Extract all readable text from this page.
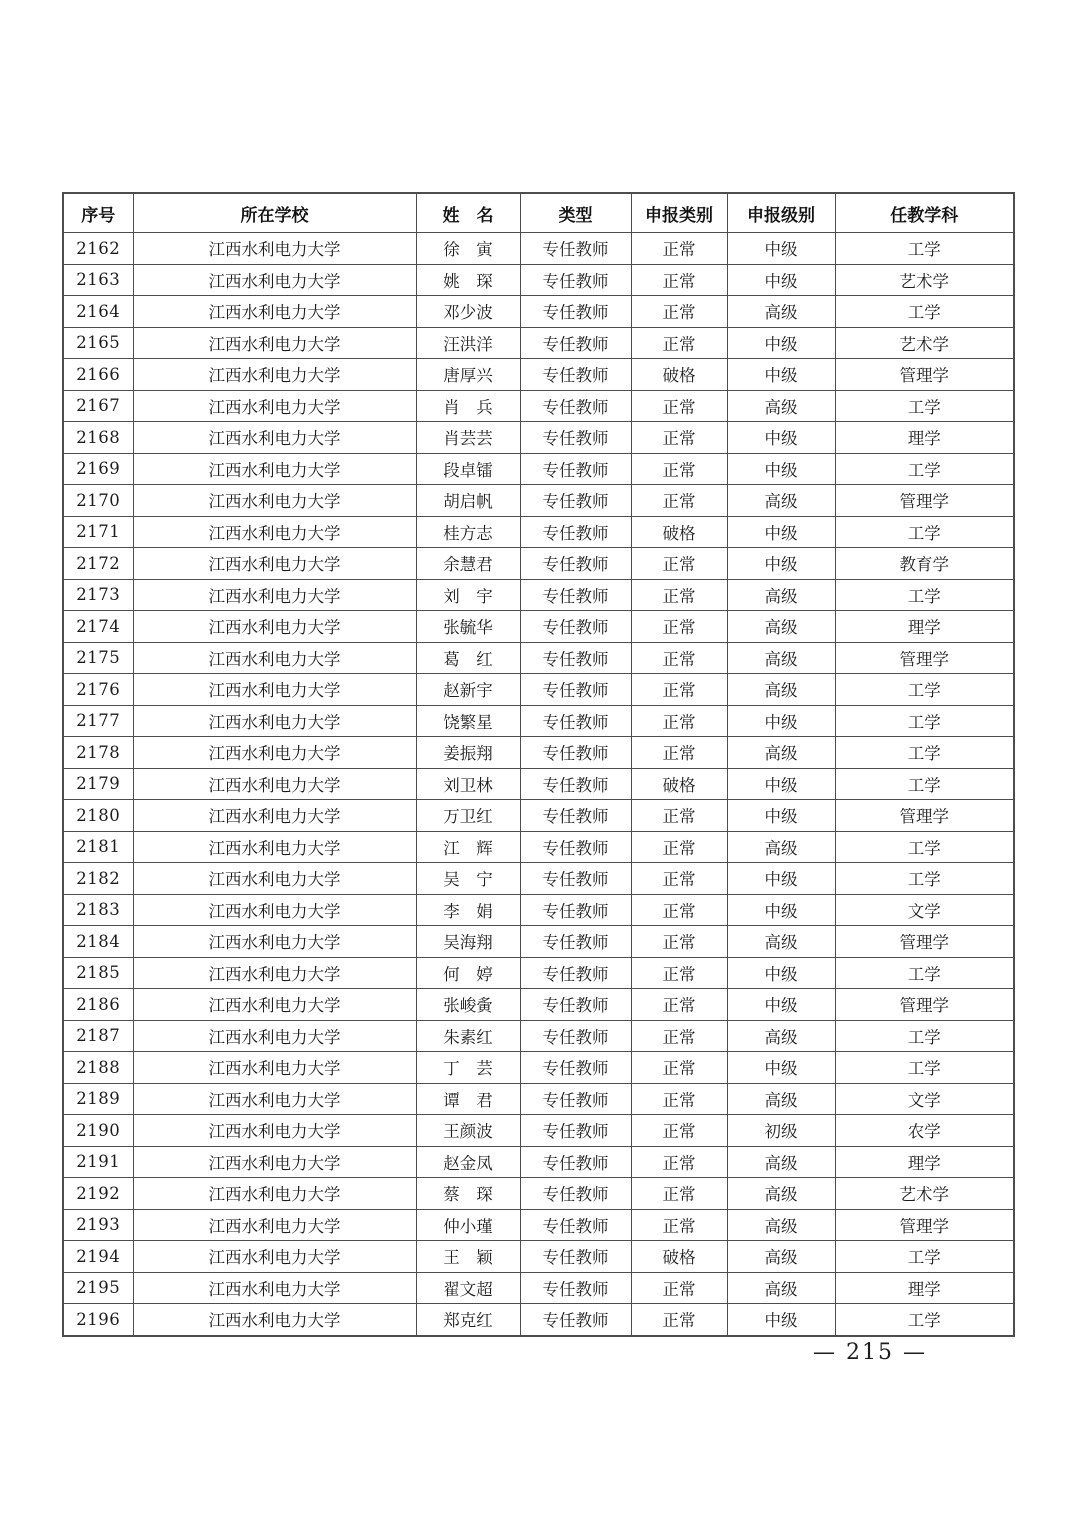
序号	所在学校	姓　名	类型	申报类别	申报级别	任教学科
2162	江西水利电力大学	徐　寅	专任教师	正常	中级	工学
2163	江西水利电力大学	姚　琛	专任教师	正常	中级	艺术学
2164	江西水利电力大学	邓少波	专任教师	正常	高级	工学
2165	江西水利电力大学	汪洪洋	专任教师	正常	中级	艺术学
2166	江西水利电力大学	唐厚兴	专任教师	破格	中级	管理学
2167	江西水利电力大学	肖　兵	专任教师	正常	高级	工学
2168	江西水利电力大学	肖芸芸	专任教师	正常	中级	理学
2169	江西水利电力大学	段卓镭	专任教师	正常	中级	工学
2170	江西水利电力大学	胡启帆	专任教师	正常	高级	管理学
2171	江西水利电力大学	桂方志	专任教师	破格	中级	工学
2172	江西水利电力大学	余慧君	专任教师	正常	中级	教育学
2173	江西水利电力大学	刘　宇	专任教师	正常	高级	工学
2174	江西水利电力大学	张毓华	专任教师	正常	高级	理学
2175	江西水利电力大学	葛　红	专任教师	正常	高级	管理学
2176	江西水利电力大学	赵新宇	专任教师	正常	高级	工学
2177	江西水利电力大学	饶繁星	专任教师	正常	中级	工学
2178	江西水利电力大学	姜振翔	专任教师	正常	高级	工学
2179	江西水利电力大学	刘卫林	专任教师	破格	中级	工学
2180	江西水利电力大学	万卫红	专任教师	正常	中级	管理学
2181	江西水利电力大学	江　辉	专任教师	正常	高级	工学
2182	江西水利电力大学	吴　宁	专任教师	正常	中级	工学
2183	江西水利电力大学	李　娟	专任教师	正常	中级	文学
2184	江西水利电力大学	吴海翔	专任教师	正常	高级	管理学
2185	江西水利电力大学	何　婷	专任教师	正常	中级	工学
2186	江西水利电力大学	张峻夤	专任教师	正常	中级	管理学
2187	江西水利电力大学	朱素红	专任教师	正常	高级	工学
2188	江西水利电力大学	丁　芸	专任教师	正常	中级	工学
2189	江西水利电力大学	谭　君	专任教师	正常	高级	文学
2190	江西水利电力大学	王颜波	专任教师	正常	初级	农学
2191	江西水利电力大学	赵金凤	专任教师	正常	高级	理学
2192	江西水利电力大学	蔡　琛	专任教师	正常	高级	艺术学
2193	江西水利电力大学	仲小瑾	专任教师	正常	高级	管理学
2194	江西水利电力大学	王　颖	专任教师	破格	高级	工学
2195	江西水利电力大学	翟文超	专任教师	正常	高级	理学
2196	江西水利电力大学	郑克红	专任教师	正常	中级	工学
— 215 —
